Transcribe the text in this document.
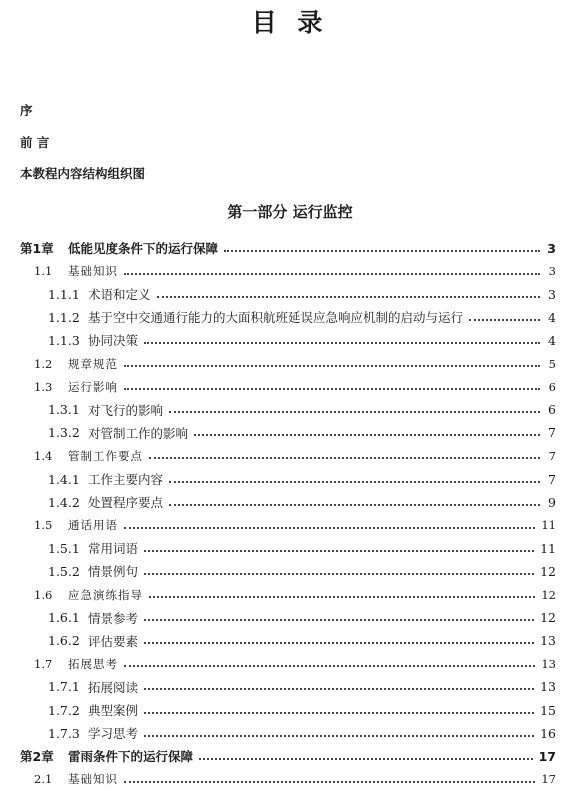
目 录
序
前 言
本教程内容结构组织图
第一部分 运行监控
第1章	低能见度条件下的运行保障	3
1.1	基础知识	3
1.1.1 术语和定义	3
1.1.2 基于空中交通通行能力的大面积航班延误应急响应机制的启动与运行	4
1.1.3 协同决策	4
1.2	规章规范	5
1.3	运行影响	6
1.3.1 对飞行的影响	6
1.3.2 对管制工作的影响	7
1.4	管制工作要点	7
1.4.1 工作主要内容	7
1.4.2 处置程序要点	9
1.5	通话用语	11
1.5.1 常用词语	11
1.5.2 情景例句	12
1.6	应急演练指导	12
1.6.1 情景参考	12
1.6.2 评估要素	13
1.7	拓展思考	13
1.7.1 拓展阅读	13
1.7.2 典型案例	15
1.7.3 学习思考	16
第2章	雷雨条件下的运行保障	17
2.1	基础知识	17
